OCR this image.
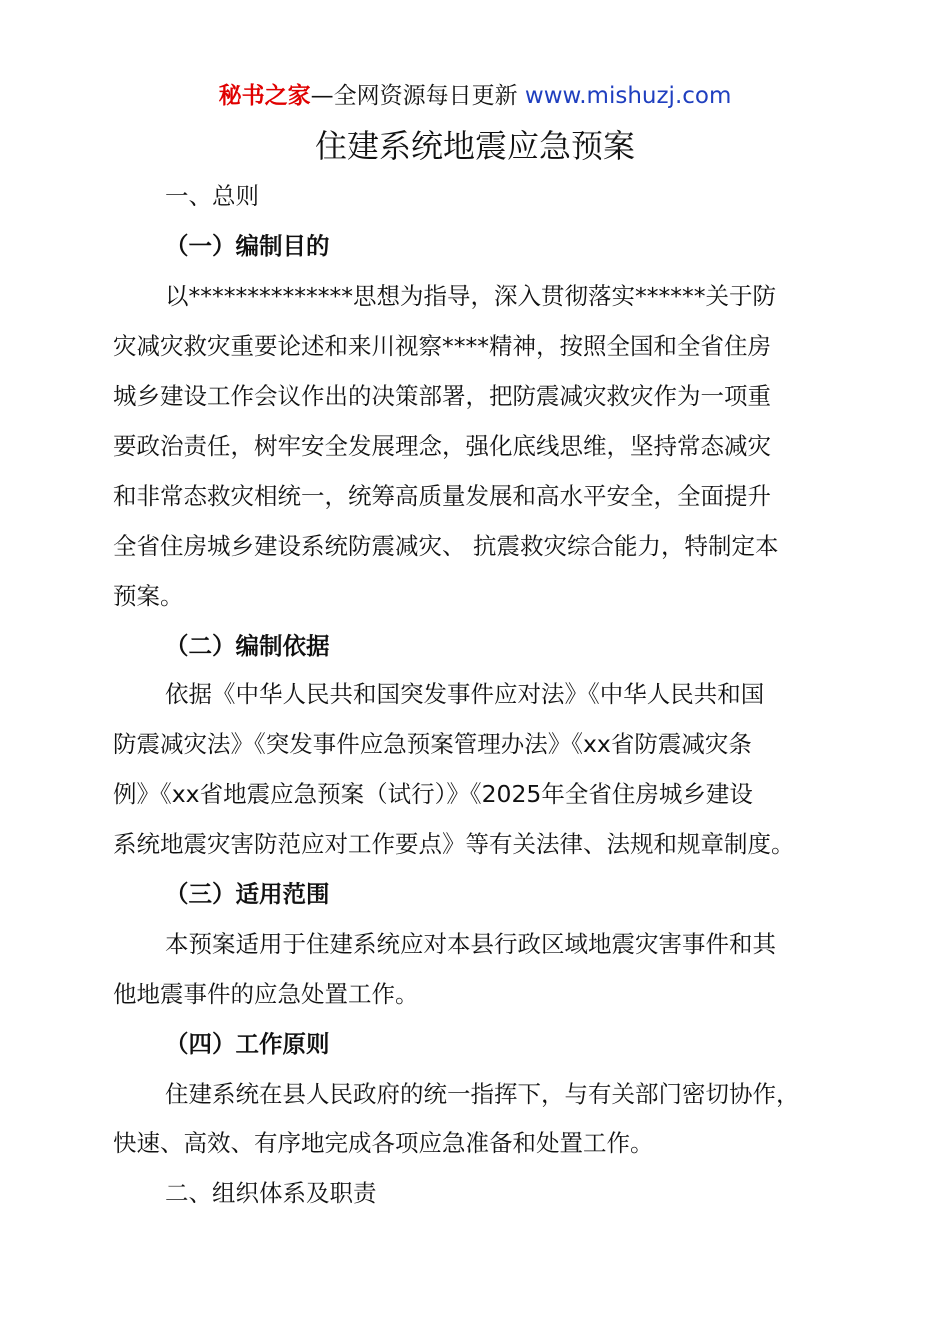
秘书之家—全网资源每日更新 www.mishuzj.com
住建系统地震应急预案
一、总则
（一）编制目的
以**************思想为指导，深入贯彻落实******关于防
灾减灾救灾重要论述和来川视察****精神，按照全国和全省住房
城乡建设工作会议作出的决策部署，把防震减灾救灾作为一项重
要政治责任，树牢安全发展理念，强化底线思维，坚持常态减灾
和非常态救灾相统一，统筹高质量发展和高水平安全，全面提升
全省住房城乡建设系统防震减灾、 抗震救灾综合能力，特制定本
预案。
（二）编制依据
依据《中华人民共和国突发事件应对法》《中华人民共和国
防震减灾法》《突发事件应急预案管理办法》《xx省防震减灾条
例》《xx省地震应急预案（试行）》《2025年全省住房城乡建设
系统地震灾害防范应对工作要点》等有关法律、法规和规章制度。
（三）适用范围
本预案适用于住建系统应对本县行政区域地震灾害事件和其
他地震事件的应急处置工作。
（四）工作原则
住建系统在县人民政府的统一指挥下，与有关部门密切协作，
快速、高效、有序地完成各项应急准备和处置工作。
二、组织体系及职责
